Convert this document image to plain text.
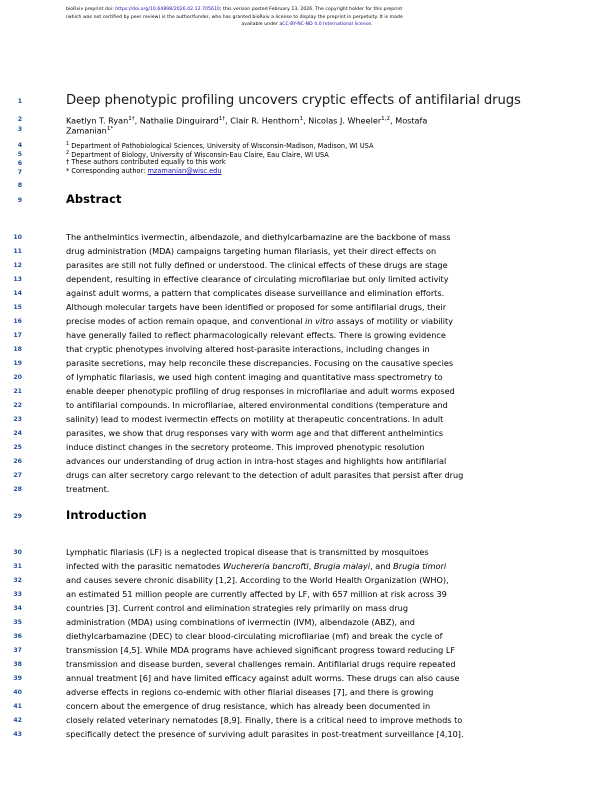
bioRxiv preprint doi: https://doi.org/10.64898/2026.02.12.705610; this version posted February 13, 2026. The copyright holder for this preprint
(which was not certified by peer review) is the author/funder, who has granted bioRxiv a license to display the preprint in perpetuity. It is made
available under aCC-BY-NC-ND 4.0 International license.
1	Deep phenotypic profiling uncovers cryptic effects of antifilarial drugs
2	Kaetlyn T. Ryan$^{1\dagger}$, Nathalie Dinguirard$^{1\dagger}$, Clair R. Henthorn$^1$, Nicolas J. Wheeler$^{1,2}$, Mostafa
3	Zamanian$^{1*}$
4	$^1$ Department of Pathobiological Sciences, University of Wisconsin-Madison, Madison, WI USA
5	$^2$ Department of Biology, University of Wisconsin-Eau Claire, Eau Claire, WI USA
6	† These authors contributed equally to this work
7	* Corresponding author: mzamanian@wisc.edu
8
9	Abstract
10	The anthelmintics ivermectin, albendazole, and diethylcarbamazine are the backbone of mass
11	drug administration (MDA) campaigns targeting human filariasis, yet their direct effects on
12	parasites are still not fully defined or understood. The clinical effects of these drugs are stage
13	dependent, resulting in effective clearance of circulating microfilariae but only limited activity
14	against adult worms, a pattern that complicates disease surveillance and elimination efforts.
15	Although molecular targets have been identified or proposed for some antifilarial drugs, their
16	precise modes of action remain opaque, and conventional in vitro assays of motility or viability
17	have generally failed to reflect pharmacologically relevant effects. There is growing evidence
18	that cryptic phenotypes involving altered host-parasite interactions, including changes in
19	parasite secretions, may help reconcile these discrepancies. Focusing on the causative species
20	of lymphatic filariasis, we used high content imaging and quantitative mass spectrometry to
21	enable deeper phenotypic profiling of drug responses in microfilariae and adult worms exposed
22	to antifilarial compounds. In microfilariae, altered environmental conditions (temperature and
23	salinity) lead to modest ivermectin effects on motility at therapeutic concentrations. In adult
24	parasites, we show that drug responses vary with worm age and that different anthelmintics
25	induce distinct changes in the secretory proteome. This improved phenotypic resolution
26	advances our understanding of drug action in intra-host stages and highlights how antifilarial
27	drugs can alter secretory cargo relevant to the detection of adult parasites that persist after drug
28	treatment.
29	Introduction
30	Lymphatic filariasis (LF) is a neglected tropical disease that is transmitted by mosquitoes
31	infected with the parasitic nematodes Wuchereria bancrofti, Brugia malayi, and Brugia timori
32	and causes severe chronic disability [1,2]. According to the World Health Organization (WHO),
33	an estimated 51 million people are currently affected by LF, with 657 million at risk across 39
34	countries [3]. Current control and elimination strategies rely primarily on mass drug
35	administration (MDA) using combinations of ivermectin (IVM), albendazole (ABZ), and
36	diethylcarbamazine (DEC) to clear blood-circulating microfilariae (mf) and break the cycle of
37	transmission [4,5]. While MDA programs have achieved significant progress toward reducing LF
38	transmission and disease burden, several challenges remain. Antifilarial drugs require repeated
39	annual treatment [6] and have limited efficacy against adult worms. These drugs can also cause
40	adverse effects in regions co-endemic with other filarial diseases [7], and there is growing
41	concern about the emergence of drug resistance, which has already been documented in
42	closely related veterinary nematodes [8,9]. Finally, there is a critical need to improve methods to
43	specifically detect the presence of surviving adult parasites in post-treatment surveillance [4,10].
